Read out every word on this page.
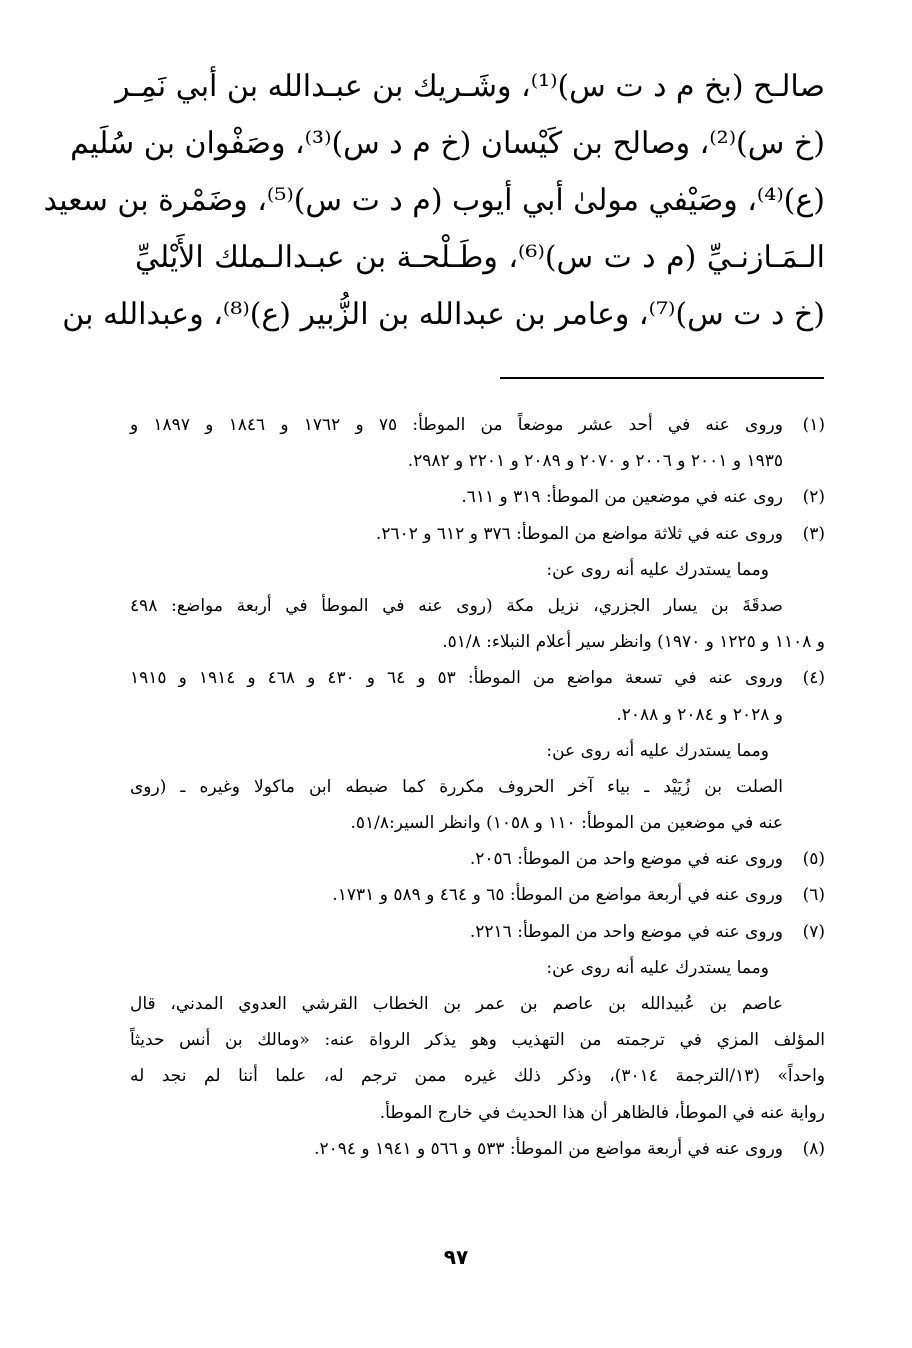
صالـح (بخ م د ت س)⁽¹⁾، وشَـريك بن عبـدالله بن أبي نَمِـر
(خ س)⁽²⁾، وصالح بن كَيْسان (خ م د س)⁽³⁾، وصَفْوان بن سُلَيم
(ع)⁽⁴⁾، وصَيْفي مولىٰ أبي أيوب (م د ت س)⁽⁵⁾، وضَمْرة بن سعيد
الـمَـازنـيِّ (م د ت س)⁽⁶⁾، وطَـلْحـة بن عبـدالـملك الأَيْليِّ
(خ د ت س)⁽⁷⁾، وعامر بن عبدالله بن الزُّبير (ع)⁽⁸⁾، وعبدالله بن
(١)
وروى عنه في أحد عشر موضعاً من الموطأ: ٧٥ و ١٧٦٢ و ١٨٤٦ و ١٨٩٧ و
١٩٣٥ و ٢٠٠١ و ٢٠٠٦ و ٢٠٧٠ و ٢٠٨٩ و ٢٢٠١ و ٢٩٨٢.
(٢)
روى عنه في موضعين من الموطأ: ٣١٩ و ٦١١.
(٣)
وروى عنه في ثلاثة مواضع من الموطأ: ٣٧٦ و ٦١٢ و ٢٦٠٢.
ومما يستدرك عليه أنه روى عن:
صدقَةَ بن يسار الجزري، نزيل مكة (روى عنه في الموطأ في أربعة مواضع: ٤٩٨
و ١١٠٨ و ١٢٢٥ و ١٩٧٠) وانظر سير أعلام النبلاء: ٥١/٨.
(٤)
وروى عنه في تسعة مواضع من الموطأ: ٥٣ و ٦٤ و ٤٣٠ و ٤٦٨ و ١٩١٤ و ١٩١٥
و ٢٠٢٨ و ٢٠٨٤ و ٢٠٨٨.
ومما يستدرك عليه أنه روى عن:
الصلت بن زُيَيْد ـ بياء آخر الحروف مكررة كما ضبطه ابن ماكولا وغيره ـ (روى
عنه في موضعين من الموطأ: ١١٠ و ١٠٥٨) وانظر السير:٥١/٨.
(٥)
وروى عنه في موضع واحد من الموطأ: ٢٠٥٦.
(٦)
وروى عنه في أربعة مواضع من الموطأ: ٦٥ و ٤٦٤ و ٥٨٩ و ١٧٣١.
(٧)
وروى عنه في موضع واحد من الموطأ: ٢٢١٦.
ومما يستدرك عليه أنه روى عن:
عاصم بن عُبيدالله بن عاصم بن عمر بن الخطاب القرشي العدوي المدني، قال
المؤلف المزي في ترجمته من التهذيب وهو يذكر الرواة عنه: «ومالك بن أنس حديثاً
واحداً» (١٣/الترجمة ٣٠١٤)، وذكر ذلك غيره ممن ترجم له، علما أننا لم نجد له
رواية عنه في الموطأ، فالظاهر أن هذا الحديث في خارج الموطأ.
(٨)
وروى عنه في أربعة مواضع من الموطأ: ٥٣٣ و ٥٦٦ و ١٩٤١ و ٢٠٩٤.
٩٧
